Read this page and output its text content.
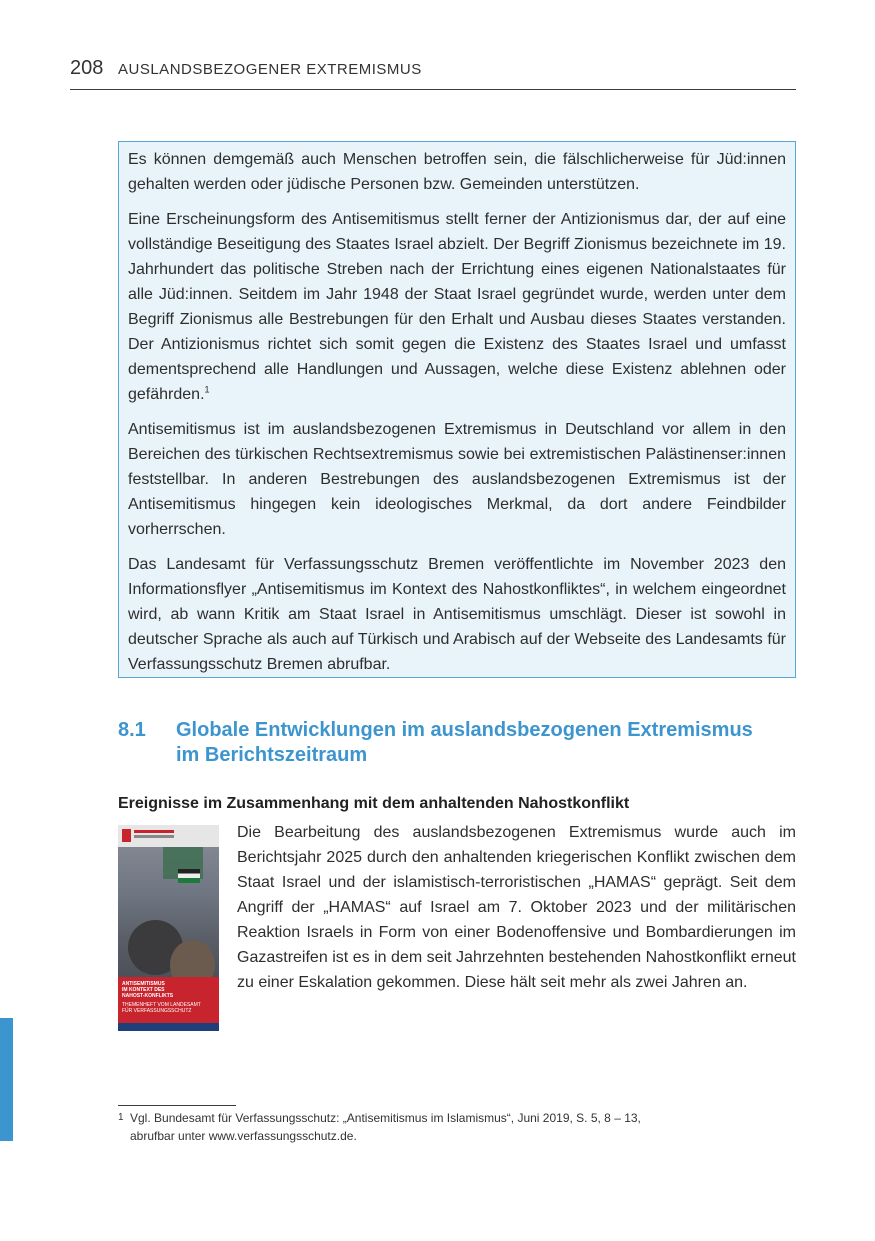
208 AUSLANDSBEZOGENER EXTREMISMUS

Es können demgemäß auch Menschen betroffen sein, die fälschlicherweise für Jüd:innen gehalten werden oder jüdische Personen bzw. Gemeinden unterstützen.

Eine Erscheinungsform des Antisemitismus stellt ferner der Antizionismus dar, der auf eine vollständige Beseitigung des Staates Israel abzielt. Der Begriff Zionismus bezeichnete im 19. Jahrhundert das politische Streben nach der Errichtung eines eigenen Nationalstaates für alle Jüd:innen. Seitdem im Jahr 1948 der Staat Israel gegründet wurde, werden unter dem Begriff Zionismus alle Bestrebungen für den Erhalt und Ausbau dieses Staates verstanden. Der Antizionismus richtet sich somit gegen die Existenz des Staates Israel und umfasst dementsprechend alle Handlungen und Aussagen, welche diese Existenz ablehnen oder gefährden.$^1$

Antisemitismus ist im auslandsbezogenen Extremismus in Deutschland vor allem in den Bereichen des türkischen Rechtsextremismus sowie bei extremistischen Palästinenser:innen feststellbar. In anderen Bestrebungen des auslandsbezogenen Extremismus ist der Antisemitismus hingegen kein ideologisches Merkmal, da dort andere Feindbilder vorherrschen.

Das Landesamt für Verfassungsschutz Bremen veröffentlichte im November 2023 den Informationsflyer „Antisemitismus im Kontext des Nahostkonfliktes“, in welchem eingeordnet wird, ab wann Kritik am Staat Israel in Antisemitismus umschlägt. Dieser ist sowohl in deutscher Sprache als auch auf Türkisch und Arabisch auf der Webseite des Landesamts für Verfassungsschutz Bremen abrufbar.

8.1 Globale Entwicklungen im auslandsbezogenen Extremismus im Berichtszeitraum
Ereignisse im Zusammenhang mit dem anhaltenden Nahostkonflikt
ANTISEMITISMUS
IM KONTEXT DES
NAHOST-KONFLIKTS
THEMENHEFT VOM LANDESAMT
FÜR VERFASSUNGSSCHUTZ

Die Bearbeitung des auslandsbezogenen Extremismus wurde auch im Berichtsjahr 2025 durch den anhaltenden kriegerischen Konflikt zwischen dem Staat Israel und der islamistisch-terroristischen „HAMAS“ geprägt. Seit dem Angriff der „HAMAS“ auf Israel am 7. Oktober 2023 und der militärischen Reaktion Israels in Form von einer Bodenoffensive und Bombardierungen im Gazastreifen ist es in dem seit Jahrzehnten bestehenden Nahostkonflikt erneut zu einer Eskalation gekommen. Diese hält seit mehr als zwei Jahren an.

1 Vgl. Bundesamt für Verfassungsschutz: „Antisemitismus im Islamismus“, Juni 2019, S. 5, 8 – 13,
abrufbar unter www.verfassungsschutz.de.
